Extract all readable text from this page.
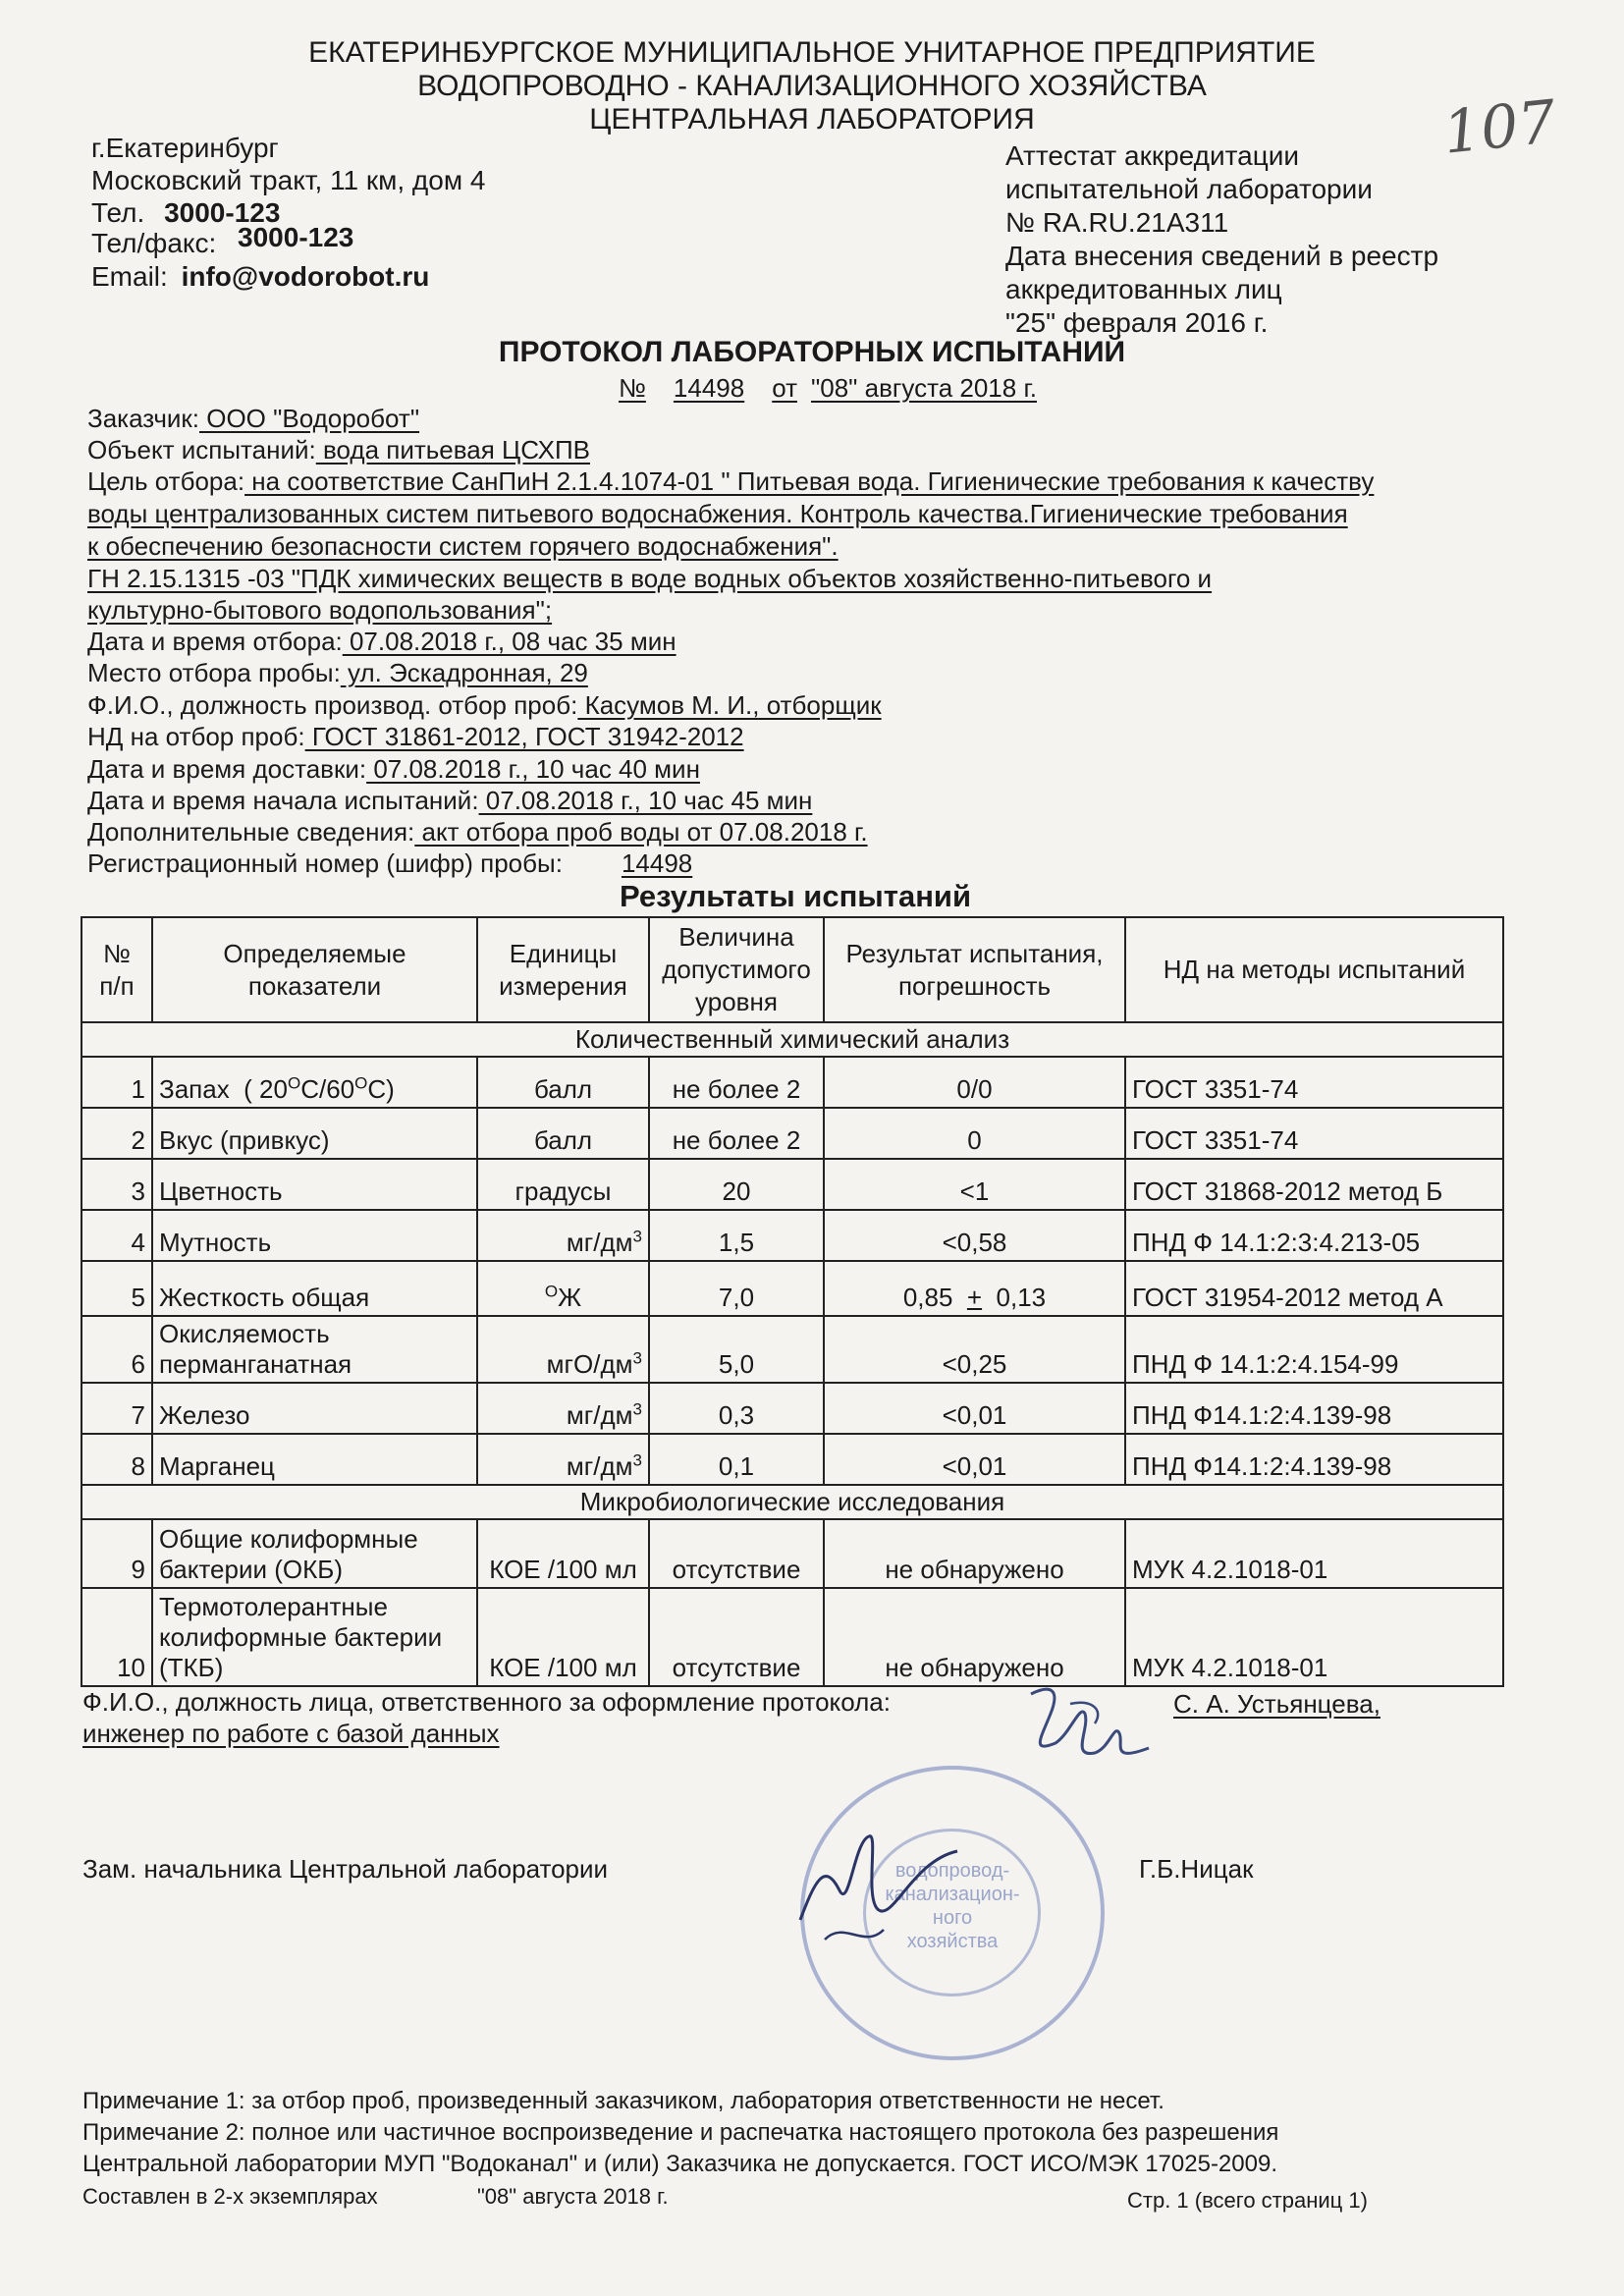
ЕКАТЕРИНБУРГСКОЕ МУНИЦИПАЛЬНОЕ УНИТАРНОЕ ПРЕДПРИЯТИЕ
ВОДОПРОВОДНО - КАНАЛИЗАЦИОННОГО ХОЗЯЙСТВА
ЦЕНТРАЛЬНАЯ ЛАБОРАТОРИЯ	107
г.Екатеринбург
Московский тракт, 11 км, дом 4
Тел. 3000-123
Тел/факс: 3000-123
Email: info@vodorobot.ru
Аттестат аккредитации
испытательной лаборатории
№ RA.RU.21A311
Дата внесения сведений в реестр
аккредитованных лиц
"25" февраля 2016 г.
ПРОТОКОЛ ЛАБОРАТОРНЫХ ИСПЫТАНИЙ
№ 14498 от "08" августа 2018 г.
Заказчик: ООО "Водоробот"
Объект испытаний: вода питьевая ЦСХПВ
Цель отбора: на соответствие СанПиН 2.1.4.1074-01 " Питьевая вода. Гигиенические требования к качеству
воды централизованных систем питьевого водоснабжения. Контроль качества.Гигиенические требования
к обеспечению безопасности систем горячего водоснабжения".
ГН 2.15.1315 -03 "ПДК химических веществ в воде водных объектов хозяйственно-питьевого и
культурно-бытового водопользования";
Дата и время отбора: 07.08.2018 г., 08 час 35 мин
Место отбора пробы: ул. Эскадронная, 29
Ф.И.О., должность производ. отбор проб: Касумов М. И., отборщик
НД на отбор проб: ГОСТ 31861-2012, ГОСТ 31942-2012
Дата и время доставки: 07.08.2018 г., 10 час 40 мин
Дата и время начала испытаний: 07.08.2018 г., 10 час 45 мин
Дополнительные сведения: акт отбора проб воды от 07.08.2018 г.
Регистрационный номер (шифр) пробы: 14498
Результаты испытаний
№ п/п	Определяемые показатели	Единицы измерения	Величина допустимого уровня	Результат испытания, погрешность	НД на методы испытаний
Количественный химический анализ					
1	Запах  ( $20^ОС/60^ОС$)	балл	не более 2	0/0	ГОСТ 3351-74
2	Вкус (привкус)	балл	не более 2	0	ГОСТ 3351-74
3	Цветность	градусы	20	<1	ГОСТ 31868-2012 метод Б
4	Мутность	$мг/дм^3$	1,5	<0,58	ПНД Ф 14.1:2:3:4.213-05
5	Жесткость общая	$^О$Ж	7,0	0,85  +  0,13	ГОСТ 31954-2012 метод А
6	Окисляемость
перманганатная	мгО/$дм^3$	5,0	<0,25	ПНД Ф 14.1:2:4.154-99
7	Железо	$мг/дм^3$	0,3	<0,01	ПНД Ф14.1:2:4.139-98
8	Марганец	$мг/дм^3$	0,1	<0,01	ПНД Ф14.1:2:4.139-98
Микробиологические исследования					
9	Общие колиформные
бактерии (ОКБ)	КОЕ /100 мл	отсутствие	не обнаружено	МУК 4.2.1018-01
10	Термотолерантные
колиформные бактерии
(ТКБ)	КОЕ /100 мл	отсутствие	не обнаружено	МУК 4.2.1018-01
Ф.И.О., должность лица, ответственного за оформление протокола:	С. А. Устьянцева,
инженер по работе с базой данных
Зам. начальника Центральной лаборатории	Г.Б.Ницак
водопровод-
канализацион-
ного
хозяйства
Примечание 1: за отбор проб, произведенный заказчиком, лаборатория ответственности не несет.
Примечание 2: полное или частичное воспроизведение и распечатка настоящего протокола без разрешения
Центральной лаборатории МУП "Водоканал" и (или) Заказчика не допускается. ГОСТ ИСО/МЭК 17025-2009.
Составлен в 2-х экземплярах	"08" августа 2018 г.	Стр. 1 (всего страниц 1)
